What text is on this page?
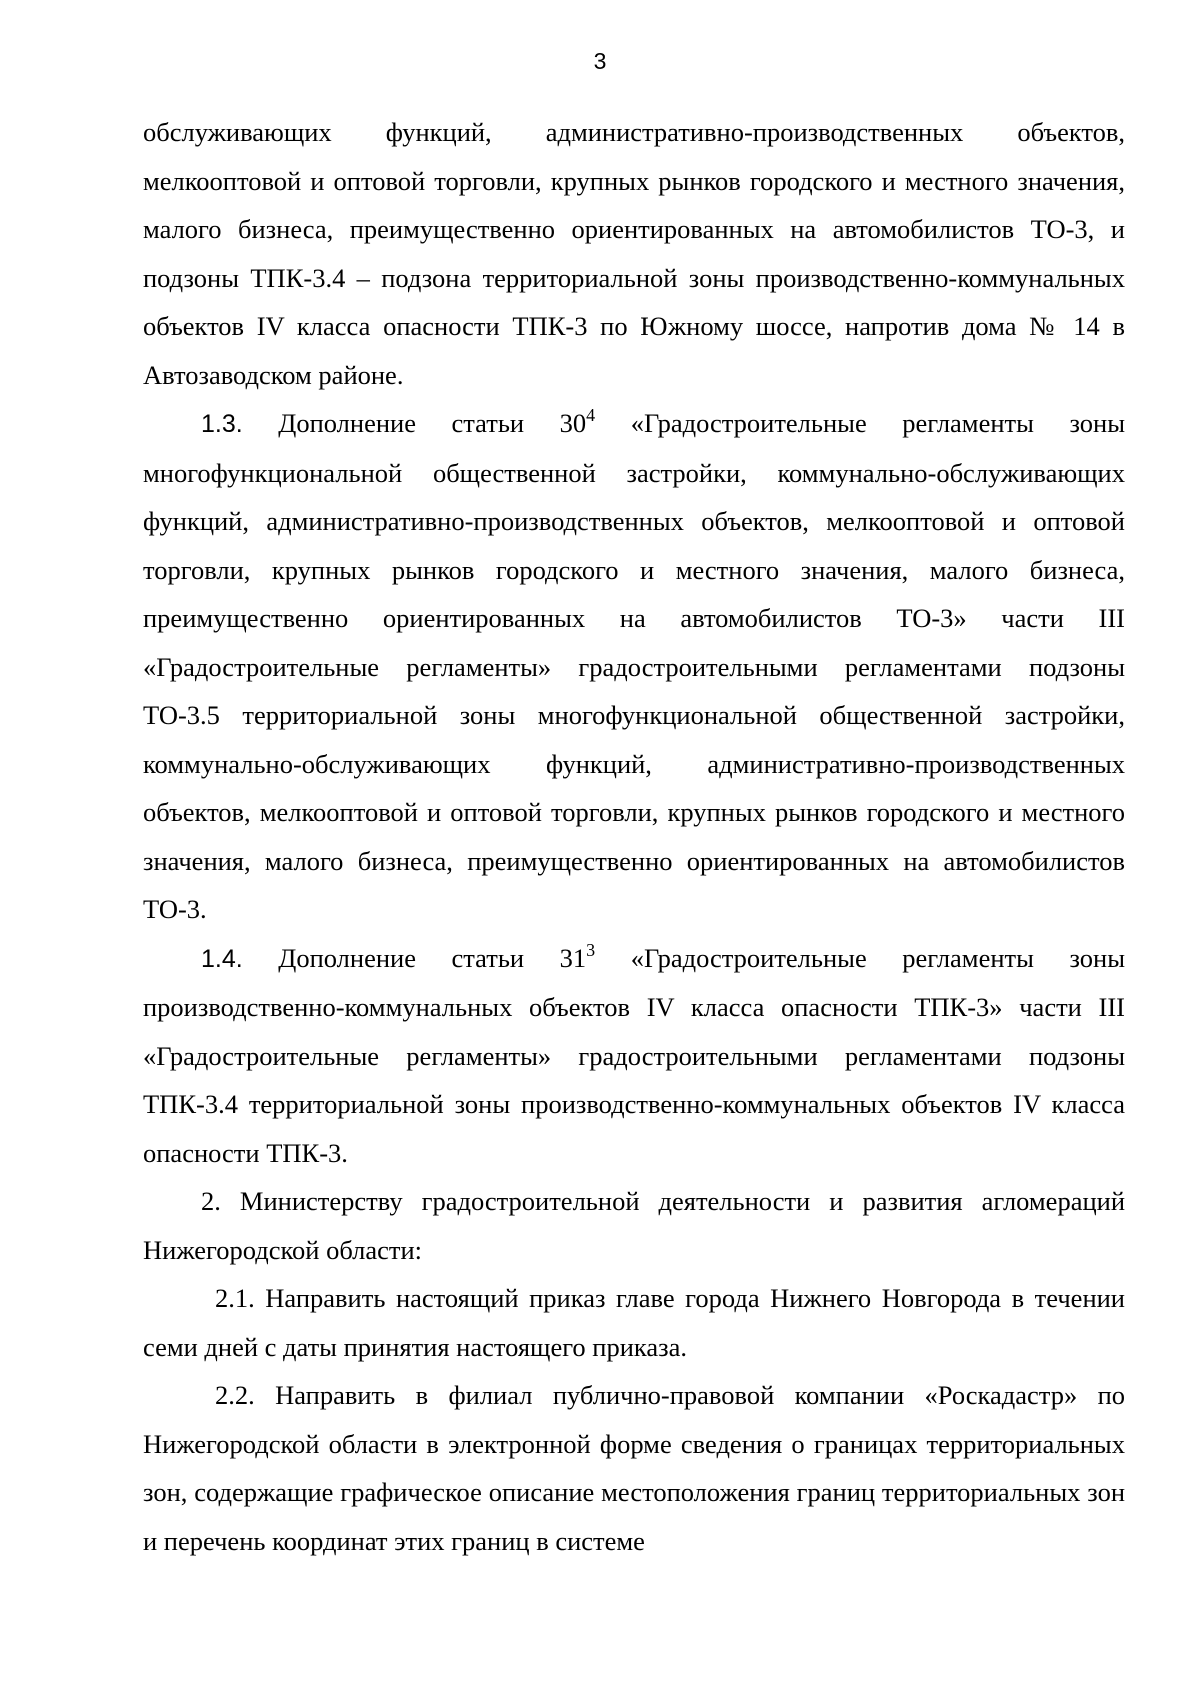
3

обслуживающих функций, административно-производственных объектов, мелкооптовой и оптовой торговли, крупных рынков городского и местного значения, малого бизнеса, преимущественно ориентированных на автомобилистов ТО-3, и подзоны ТПК-3.4 – подзона территориальной зоны производственно-коммунальных объектов IV класса опасности ТПК-3 по Южному шоссе, напротив дома № 14 в Автозаводском районе.

1.3. Дополнение статьи $30^4$ «Градостроительные регламенты зоны многофункциональной общественной застройки, коммунально-обслуживающих функций, административно-производственных объектов, мелкооптовой и оптовой торговли, крупных рынков городского и местного значения, малого бизнеса, преимущественно ориентированных на автомобилистов ТО-3» части III «Градостроительные регламенты» градостроительными регламентами подзоны ТО-3.5 территориальной зоны многофункциональной общественной застройки, коммунально-обслуживающих функций, административно-производственных объектов, мелкооптовой и оптовой торговли, крупных рынков городского и местного значения, малого бизнеса, преимущественно ориентированных на автомобилистов ТО-3.

1.4. Дополнение статьи $31^3$ «Градостроительные регламенты зоны производственно-коммунальных объектов IV класса опасности ТПК-3» части III «Градостроительные регламенты» градостроительными регламентами подзоны ТПК-3.4 территориальной зоны производственно-коммунальных объектов IV класса опасности ТПК-3.

2. Министерству градостроительной деятельности и развития агломераций Нижегородской области:

2.1. Направить настоящий приказ главе города Нижнего Новгорода в течении семи дней с даты принятия настоящего приказа.

2.2. Направить в филиал публично-правовой компании «Роскадастр» по Нижегородской области в электронной форме сведения о границах территориальных зон, содержащие графическое описание местоположения границ территориальных зон и перечень координат этих границ в системе
